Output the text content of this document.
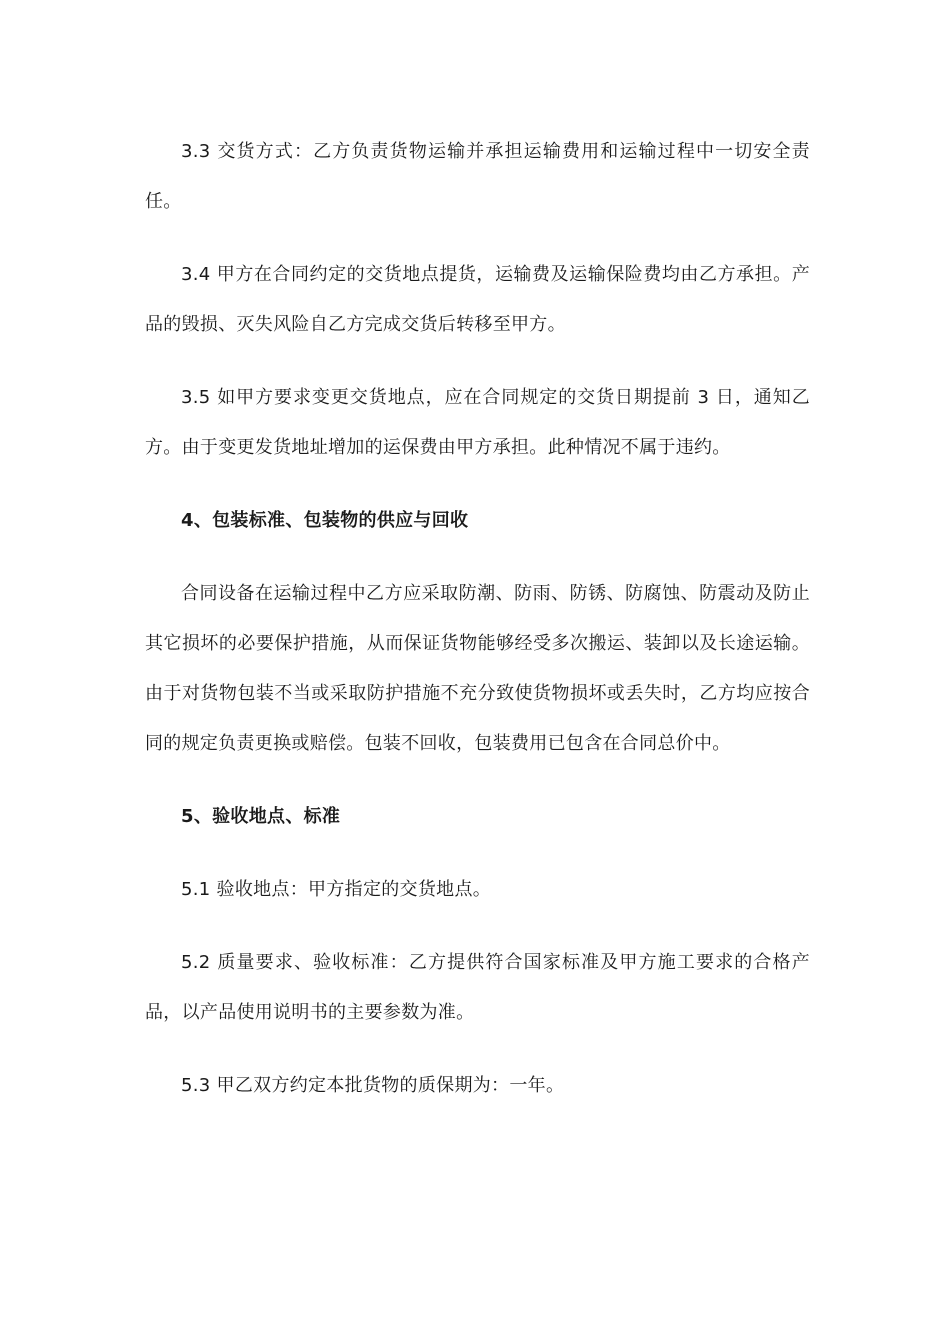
3.3 交货方式：乙方负责货物运输并承担运输费用和运输过程中一切安全责任。

3.4 甲方在合同约定的交货地点提货，运输费及运输保险费均由乙方承担。产品的毁损、灭失风险自乙方完成交货后转移至甲方。

3.5 如甲方要求变更交货地点，应在合同规定的交货日期提前 3 日，通知乙方。由于变更发货地址增加的运保费由甲方承担。此种情况不属于违约。

4、包装标准、包装物的供应与回收

合同设备在运输过程中乙方应采取防潮、防雨、防锈、防腐蚀、防震动及防止其它损坏的必要保护措施，从而保证货物能够经受多次搬运、装卸以及长途运输。由于对货物包装不当或采取防护措施不充分致使货物损坏或丢失时，乙方均应按合同的规定负责更换或赔偿。包装不回收，包装费用已包含在合同总价中。

5、验收地点、标准

5.1 验收地点：甲方指定的交货地点。

5.2 质量要求、验收标准：乙方提供符合国家标准及甲方施工要求的合格产品，以产品使用说明书的主要参数为准。

5.3 甲乙双方约定本批货物的质保期为：一年。
